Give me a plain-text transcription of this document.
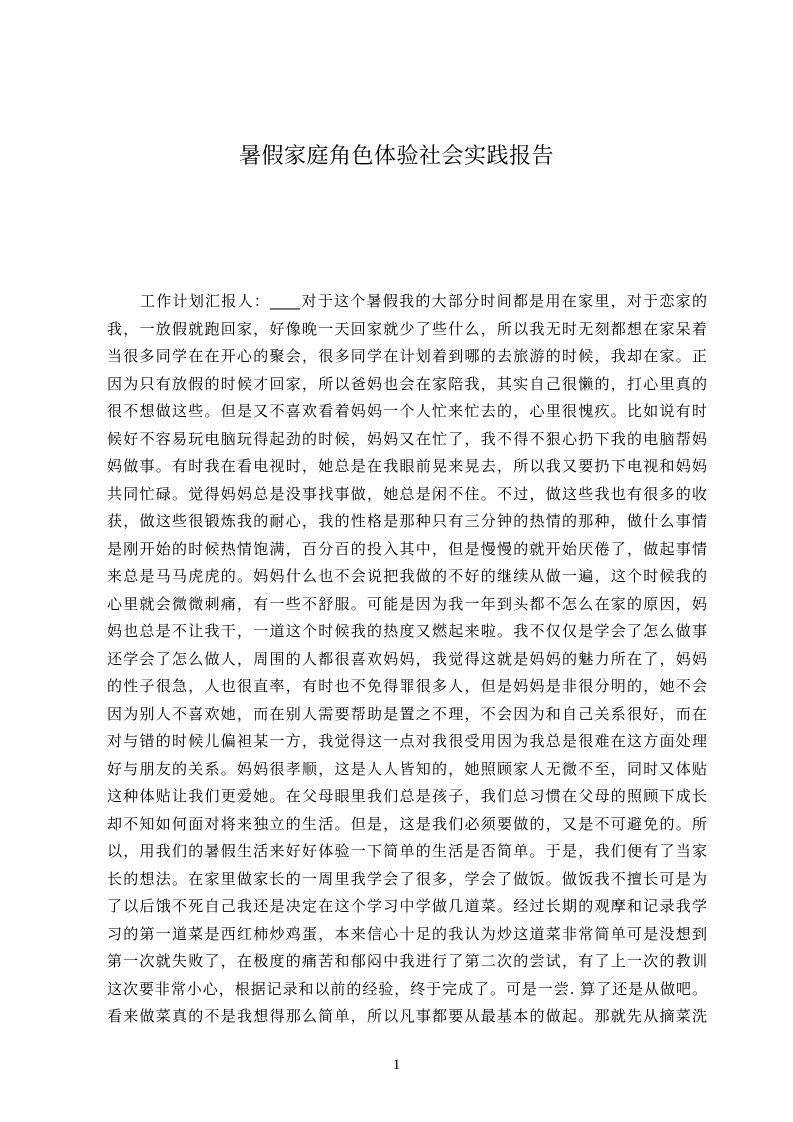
暑假家庭角色体验社会实践报告
工作计划汇报人：____对于这个暑假我的大部分时间都是用在家里，对于恋家的
我，一放假就跑回家，好像晚一天回家就少了些什么，所以我无时无刻都想在家呆着
当很多同学在在开心的聚会，很多同学在计划着到哪的去旅游的时候，我却在家。正
因为只有放假的时候才回家，所以爸妈也会在家陪我，其实自己很懒的，打心里真的
很不想做这些。但是又不喜欢看着妈妈一个人忙来忙去的，心里很愧疚。比如说有时
候好不容易玩电脑玩得起劲的时候，妈妈又在忙了，我不得不狠心扔下我的电脑帮妈
妈做事。有时我在看电视时，她总是在我眼前晃来晃去，所以我又要扔下电视和妈妈
共同忙碌。觉得妈妈总是没事找事做，她总是闲不住。不过，做这些我也有很多的收
获，做这些很锻炼我的耐心，我的性格是那种只有三分钟的热情的那种，做什么事情
是刚开始的时候热情饱满，百分百的投入其中，但是慢慢的就开始厌倦了，做起事情
来总是马马虎虎的。妈妈什么也不会说把我做的不好的继续从做一遍，这个时候我的
心里就会微微刺痛，有一些不舒服。可能是因为我一年到头都不怎么在家的原因，妈
妈也总是不让我干，一道这个时候我的热度又燃起来啦。我不仅仅是学会了怎么做事
还学会了怎么做人，周围的人都很喜欢妈妈，我觉得这就是妈妈的魅力所在了，妈妈
的性子很急，人也很直率，有时也不免得罪很多人，但是妈妈是非很分明的，她不会
因为别人不喜欢她，而在别人需要帮助是置之不理，不会因为和自己关系很好，而在
对与错的时候儿偏袒某一方，我觉得这一点对我很受用因为我总是很难在这方面处理
好与朋友的关系。妈妈很孝顺，这是人人皆知的，她照顾家人无微不至，同时又体贴
这种体贴让我们更爱她。在父母眼里我们总是孩子，我们总习惯在父母的照顾下成长
却不知如何面对将来独立的生活。但是，这是我们必须要做的，又是不可避免的。所
以，用我们的暑假生活来好好体验一下简单的生活是否简单。于是，我们便有了当家
长的想法。在家里做家长的一周里我学会了很多，学会了做饭。做饭我不擅长可是为
了以后饿不死自己我还是决定在这个学习中学做几道菜。经过长期的观摩和记录我学
习的第一道菜是西红柿炒鸡蛋，本来信心十足的我认为炒这道菜非常简单可是没想到
第一次就失败了，在极度的痛苦和郁闷中我进行了第二次的尝试，有了上一次的教训
这次要非常小心，根据记录和以前的经验，终于完成了。可是一尝. 算了还是从做吧。
看来做菜真的不是我想得那么简单，所以凡事都要从最基本的做起。那就先从摘菜洗
1
